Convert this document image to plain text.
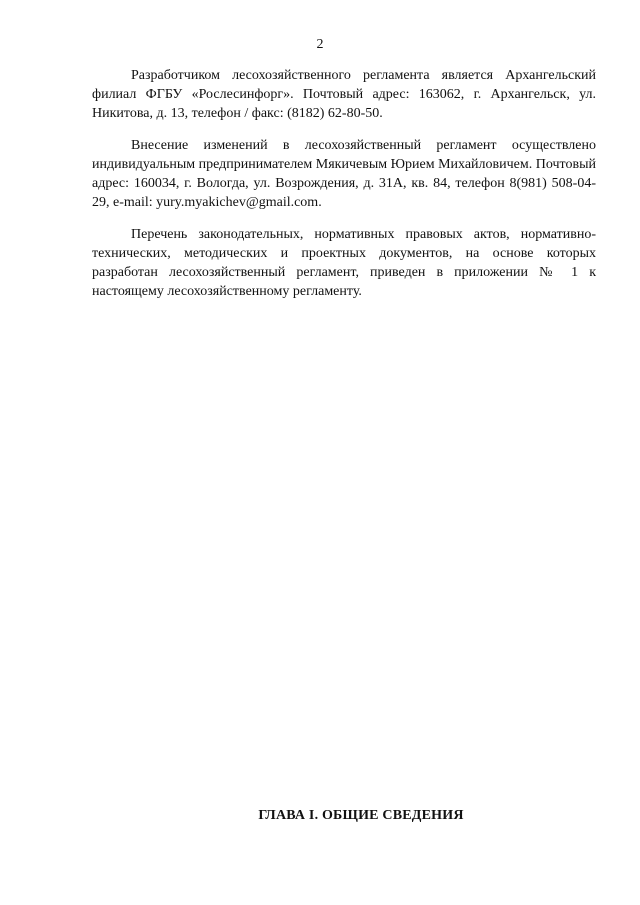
2

Разработчиком лесохозяйственного регламента является Архангельский филиал ФГБУ «Рослесинфорг». Почтовый адрес: 163062, г. Архангельск, ул. Никитова, д. 13, телефон / факс: (8182) 62-80-50.

Внесение изменений в лесохозяйственный регламент осуществлено индивидуальным предпринимателем Мякичевым Юрием Михайловичем. Почтовый адрес: 160034, г. Вологда, ул. Возрождения, д. 31А, кв. 84, телефон 8(981) 508-04-29, e-mail: yury.myakichev@gmail.com.

Перечень законодательных, нормативных правовых актов, нормативно-технических, методических и проектных документов, на основе которых разработан лесохозяйственный регламент, приведен в приложении № 1 к настоящему лесохозяйственному регламенту.

ГЛАВА I. ОБЩИЕ СВЕДЕНИЯ
